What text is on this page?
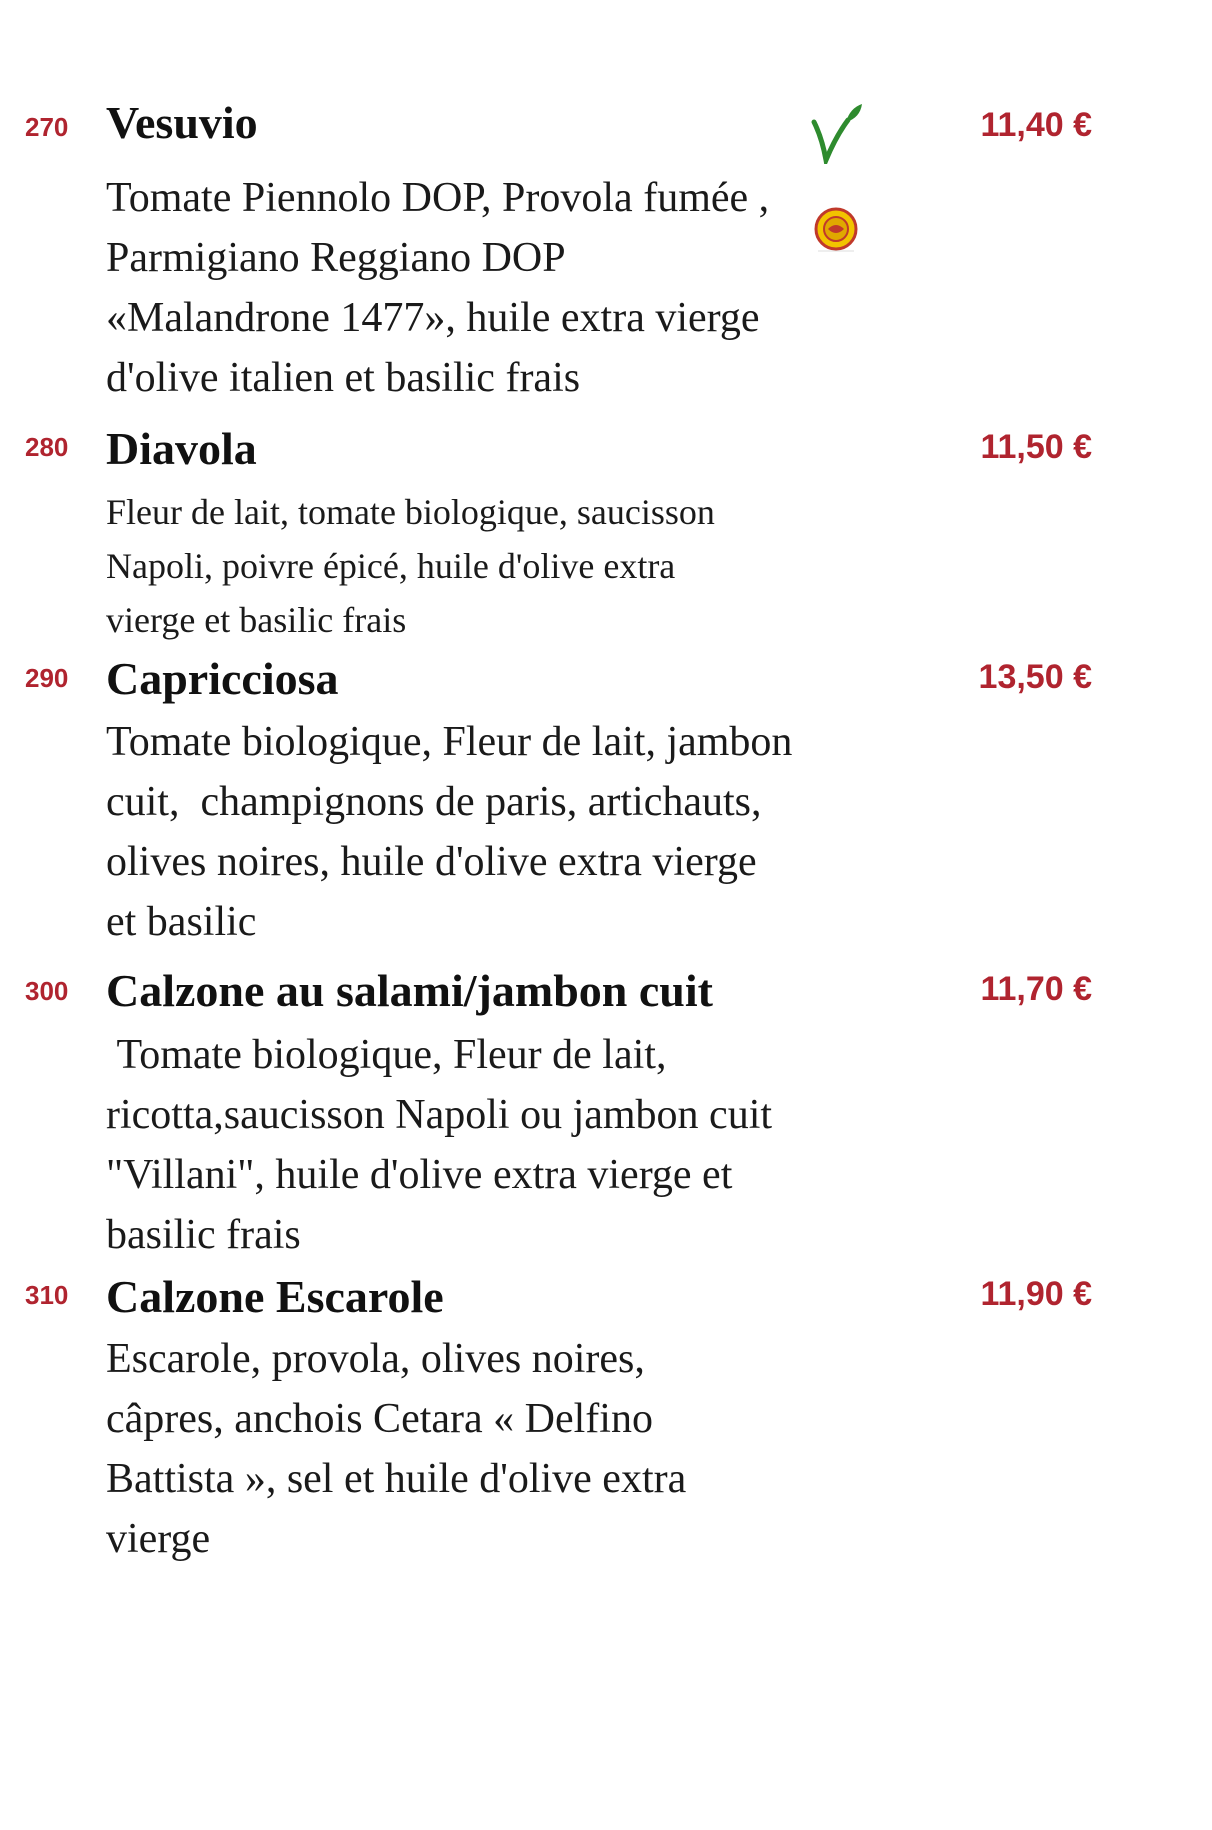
270 Vesuvio	11,40 €
Tomate Piennolo DOP, Provola fumée , Parmigiano Reggiano DOP «Malandrone 1477», huile extra vierge d'olive italien et basilic frais
280 Diavola	11,50 €
Fleur de lait, tomate biologique, saucisson Napoli, poivre épicé, huile d'olive extra vierge et basilic frais
290 Capricciosa	13,50 €
Tomate biologique, Fleur de lait, jambon cuit,  champignons de paris, artichauts, olives noires, huile d'olive extra vierge et basilic
300 Calzone au salami/jambon cuit	11,70 €
Tomate biologique, Fleur de lait, ricotta,saucisson Napoli ou jambon cuit "Villani", huile d'olive extra vierge et basilic frais
310 Calzone Escarole	11,90 €
Escarole, provola, olives noires, câpres, anchois Cetara « Delfino Battista », sel et huile d'olive extra vierge
